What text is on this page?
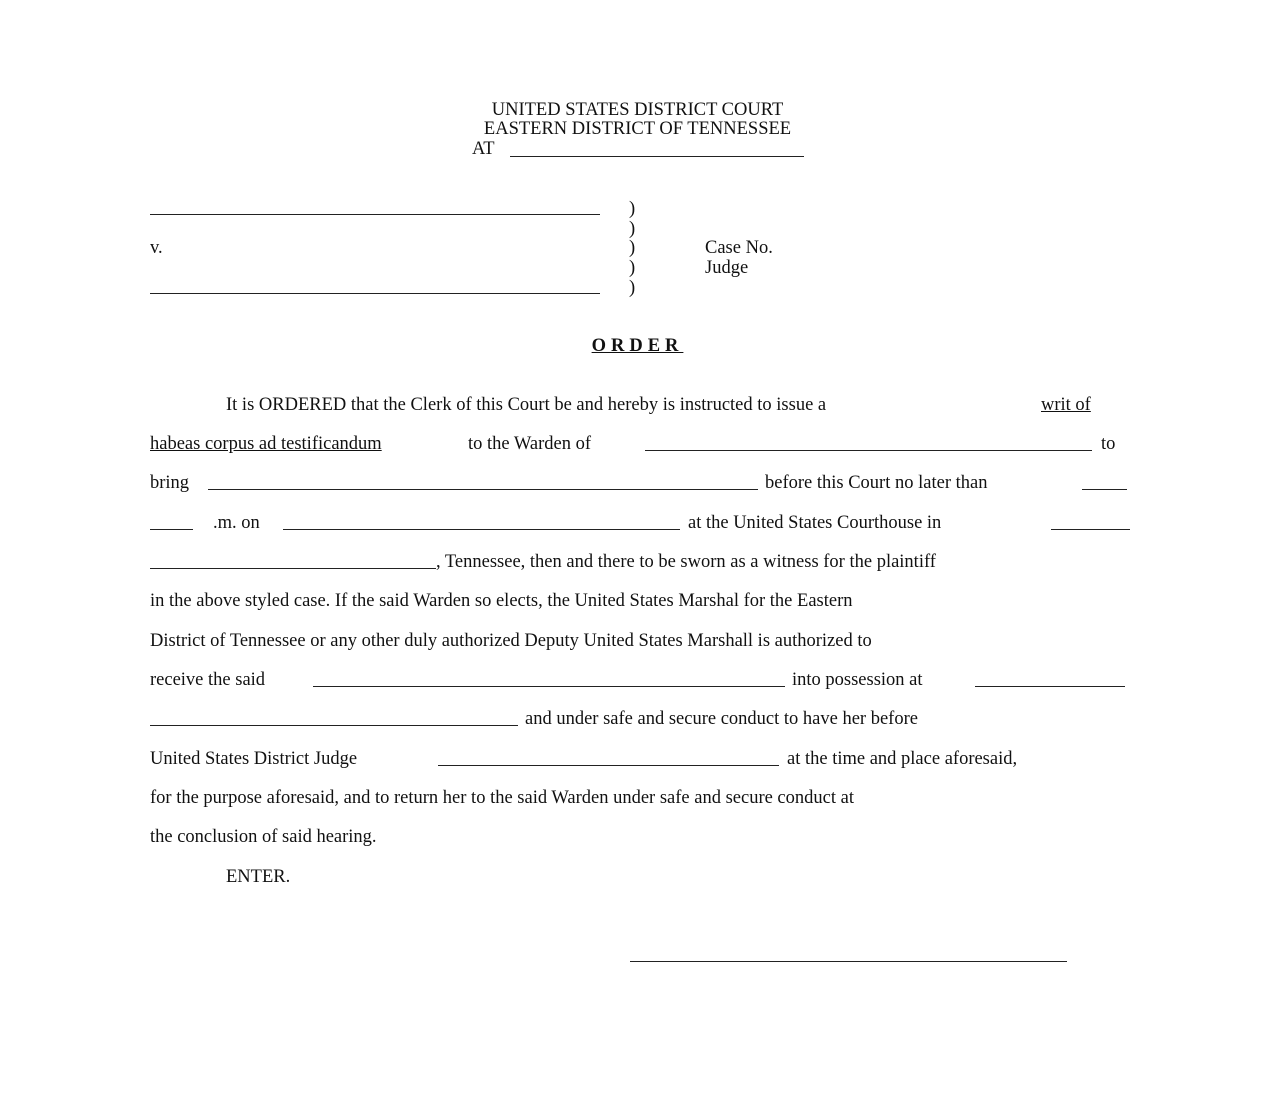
UNITED STATES DISTRICT COURT
EASTERN DISTRICT OF TENNESSEE
AT
v.
)
)
)
)
)
Case No.
Judge
ORDER
It is ORDERED that the Clerk of this Court be and hereby is instructed to issue a	writ of
habeas corpus ad testificandum	to the Warden of	to
bring	before this Court no later than
.m. on	at the United States Courthouse in
, Tennessee, then and there to be sworn as a witness for the plaintiff
in the above styled case. If the said Warden so elects, the United States Marshal for the Eastern
District of Tennessee or any other duly authorized Deputy United States Marshall is authorized to
receive the said	into possession at
and under safe and secure conduct to have her before
United States District Judge	at the time and place aforesaid,
for the purpose aforesaid, and to return her to the said Warden under safe and secure conduct at
the conclusion of said hearing.
ENTER.
